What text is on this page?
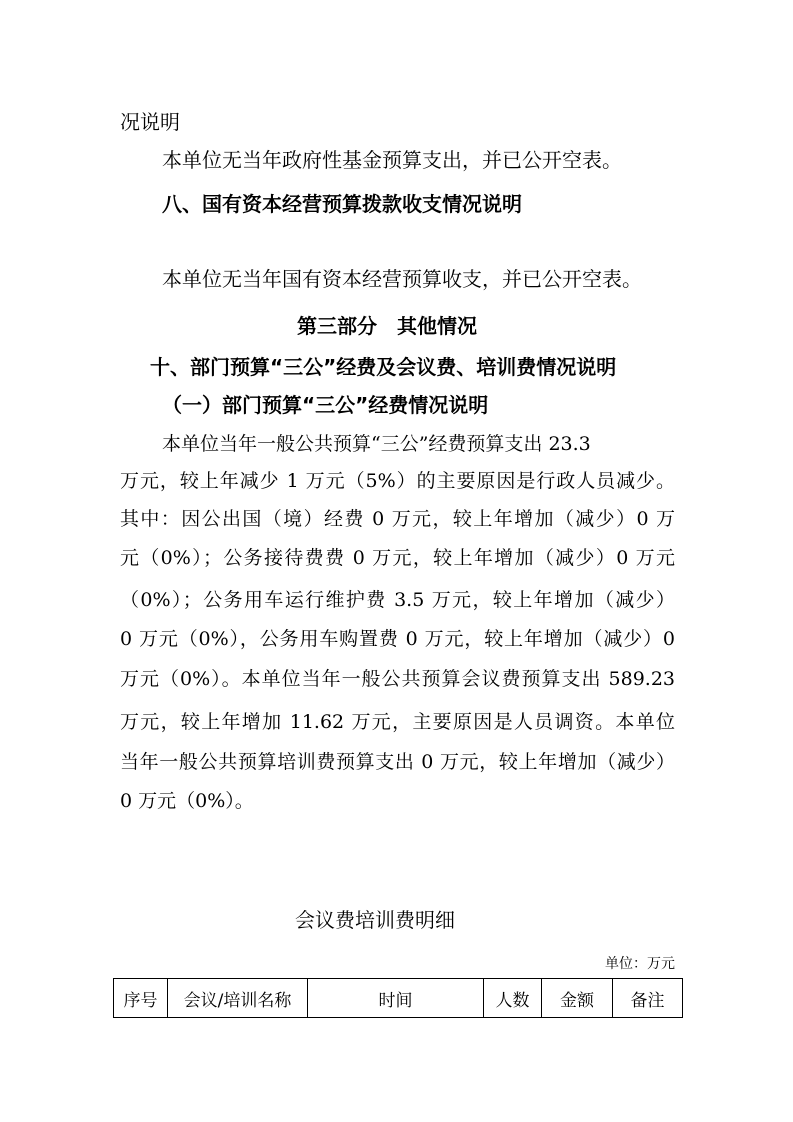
况说明
本单位无当年政府性基金预算支出，并已公开空表。
八、国有资本经营预算拨款收支情况说明
本单位无当年国有资本经营预算收支，并已公开空表。
第三部分　其他情况
十、部门预算“三公”经费及会议费、培训费情况说明
（一）部门预算“三公”经费情况说明
本单位当年一般公共预算“三公”经费预算支出 23.3
万元，较上年减少 1 万元（5%）的主要原因是行政人员减少。
其中：因公出国（境）经费 0 万元，较上年增加（减少）0 万
元（0%）；公务接待费费 0 万元，较上年增加（减少）0 万元
（0%）；公务用车运行维护费 3.5 万元，较上年增加（减少）
0 万元（0%），公务用车购置费 0 万元，较上年增加（减少）0
万元（0%）。本单位当年一般公共预算会议费预算支出 589.23
万元，较上年增加 11.62 万元，主要原因是人员调资。本单位
当年一般公共预算培训费预算支出 0 万元，较上年增加（减少）
0 万元（0%）。
会议费培训费明细
单位：万元
序号	会议/培训名称	时间	人数	金额	备注
